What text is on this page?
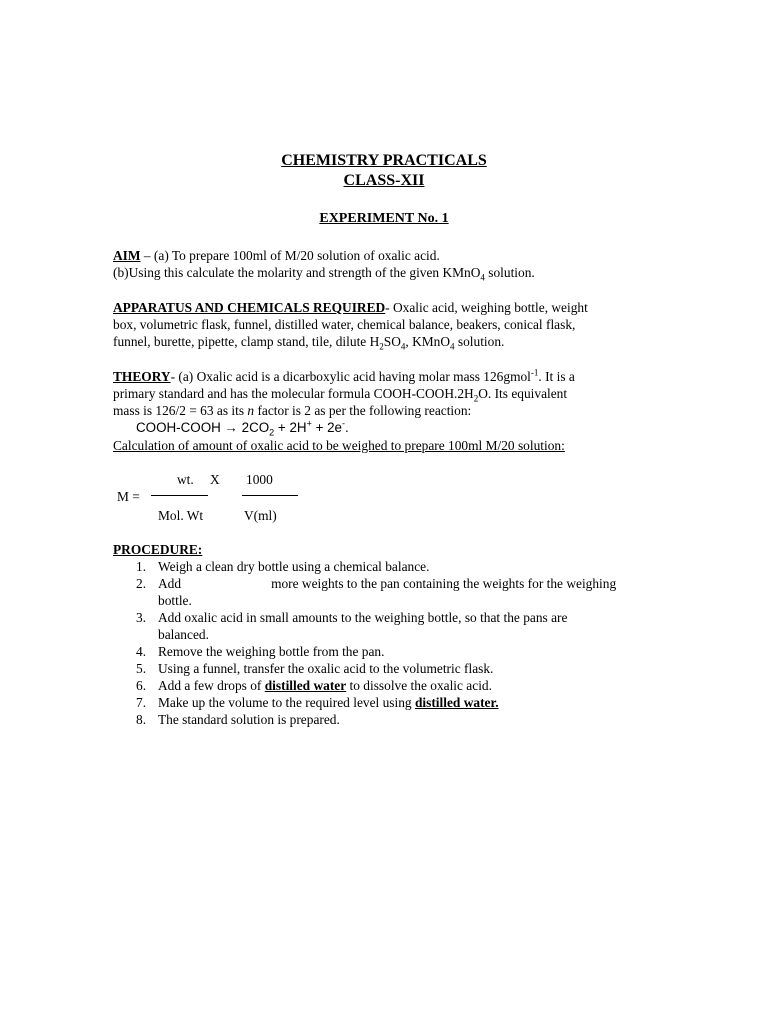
CHEMISTRY PRACTICALS
CLASS-XII
EXPERIMENT No. 1
AIM – (a) To prepare 100ml of M/20 solution of oxalic acid.
(b)Using this calculate the molarity and strength of the given KMnO$_4$ solution.
APPARATUS AND CHEMICALS REQUIRED- Oxalic acid, weighing bottle, weight
box, volumetric flask, funnel, distilled water, chemical balance, beakers, conical flask,
funnel, burette, pipette, clamp stand, tile, dilute $H_2SO_4$, KMnO$_4$ solution.
THEORY- (a) Oxalic acid is a dicarboxylic acid having molar mass 126gmol$^{-1}$. It is a
primary standard and has the molecular formula COOH-$COOH.2H_2O$. Its equivalent
mass is 126/2 = 63 as its n factor is 2 as per the following reaction:
COOH-COOH → $2CO_2 + 2H^+ + 2e^-$.
Calculation of amount of oxalic acid to be weighed to prepare 100ml M/20 solution:
wt. X 1000
M =
Mol. Wt	V(ml)
PROCEDURE:
1. Weigh a clean dry bottle using a chemical balance.
2. Add	more weights to the pan containing the weights for the weighing
bottle.
3. Add oxalic acid in small amounts to the weighing bottle, so that the pans are
balanced.
4. Remove the weighing bottle from the pan.
5. Using a funnel, transfer the oxalic acid to the volumetric flask.
6. Add a few drops of distilled water to dissolve the oxalic acid.
7. Make up the volume to the required level using distilled water.
8. The standard solution is prepared.
